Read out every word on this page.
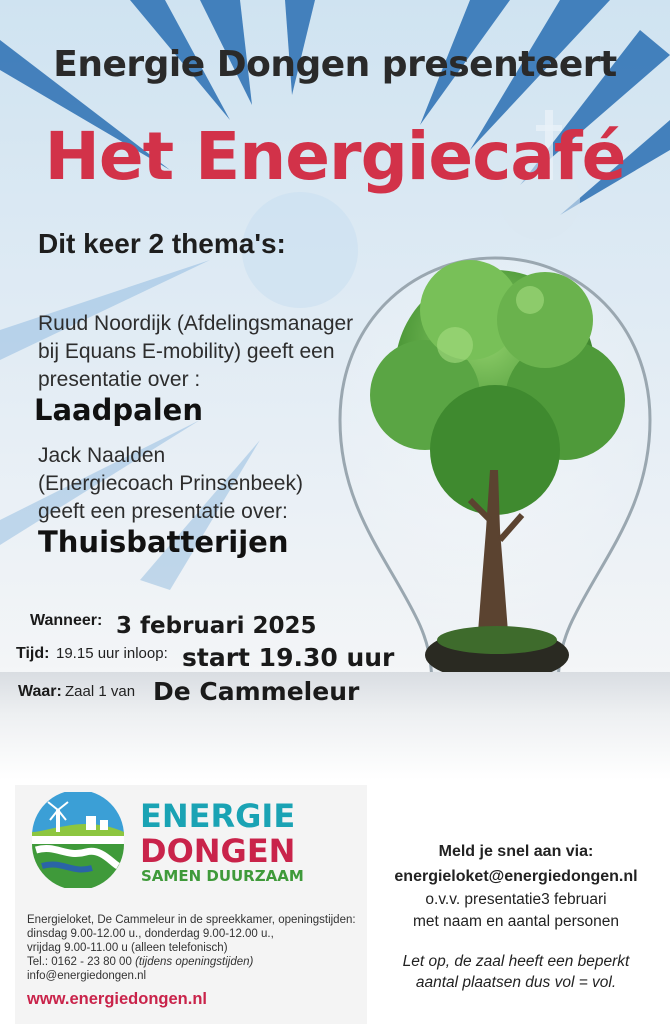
Energie Dongen presenteert
Het Energiecafé
Dit keer 2 thema's:
Ruud Noordijk (Afdelingsmanager
bij Equans E-mobility) geeft een
presentatie over :
Laadpalen
Jack Naalden
(Energiecoach Prinsenbeek)
geeft een presentatie over:
Thuisbatterijen
Wanneer: 3 februari 2025
Tijd: 19.15 uur inloop: start 19.30 uur
Waar: Zaal 1 van De Cammeleur
ENERGIE
DONGEN
SAMEN DUURZAAM
Energieloket, De Cammeleur in de spreekkamer, openingstijden:
dinsdag 9.00-12.00 u., donderdag 9.00-12.00 u.,
vrijdag 9.00-11.00 u (alleen telefonisch)
Tel.: 0162 - 23 80 00 (tijdens openingstijden)
info@energiedongen.nl
www.energiedongen.nl
Meld je snel aan via:
energieloket@energiedongen.nl
o.v.v. presentatie3 februari
met naam en aantal personen
Let op, de zaal heeft een beperkt
aantal plaatsen dus vol = vol.
